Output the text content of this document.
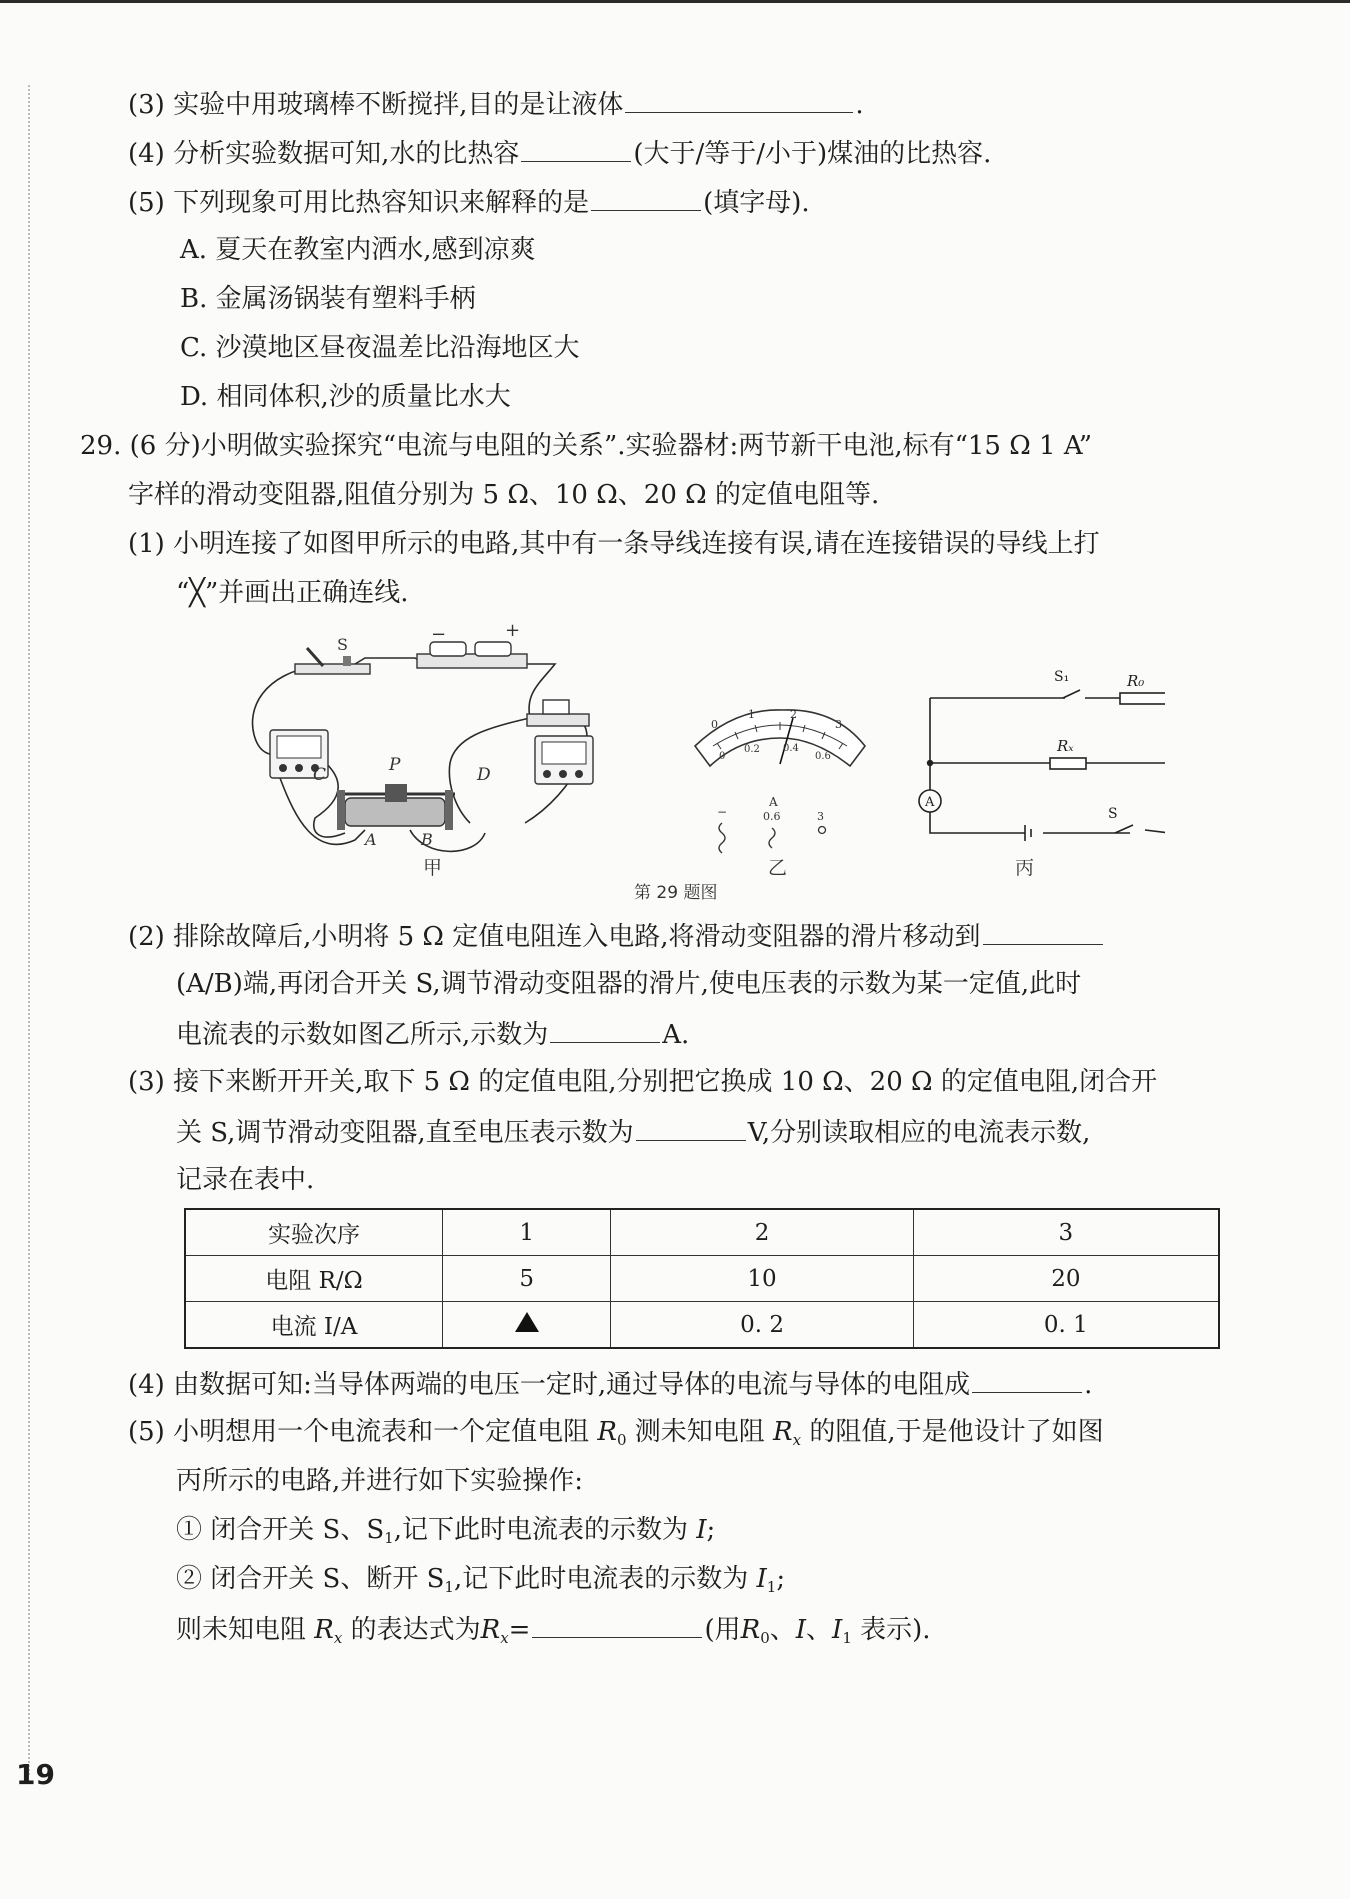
(3) 实验中用玻璃棒不断搅拌,目的是让液体	.
(4) 分析实验数据可知,水的比热容	(大于/等于/小于)煤油的比热容.
(5) 下列现象可用比热容知识来解释的是	(填字母).
A. 夏天在教室内洒水,感到凉爽
B. 金属汤锅装有塑料手柄
C. 沙漠地区昼夜温差比沿海地区大
D. 相同体积,沙的质量比水大
29. (6 分)小明做实验探究“电流与电阻的关系”.实验器材:两节新干电池,标有“15 Ω 1 A”
字样的滑动变阻器,阻值分别为 5 Ω、10 Ω、20 Ω 的定值电阻等.
(1) 小明连接了如图甲所示的电路,其中有一条导线连接有误,请在连接错误的导线上打
“╳”并画出正确连线.
S	−	+
C	P	D
A	B
0
1	2
3
0
0.2 0.4
0.6
A
−	0.6	3
S₁	R₀
Rₓ
A
S
甲	乙	丙
第 29 题图
(2) 排除故障后,小明将 5 Ω 定值电阻连入电路,将滑动变阻器的滑片移动到
(A/B)端,再闭合开关 S,调节滑动变阻器的滑片,使电压表的示数为某一定值,此时
电流表的示数如图乙所示,示数为	A.
(3) 接下来断开开关,取下 5 Ω 的定值电阻,分别把它换成 10 Ω、20 Ω 的定值电阻,闭合开
关 S,调节滑动变阻器,直至电压表示数为	V,分别读取相应的电流表示数,
记录在表中.
实验次序	1	2	3
电阻 R/Ω	5	10	20
电流 I/A		0. 2	0. 1
(4) 由数据可知:当导体两端的电压一定时,通过导体的电流与导体的电阻成	.
(5) 小明想用一个电流表和一个定值电阻 $R_0$ 测未知电阻 $R_x$ 的阻值,于是他设计了如图
丙所示的电路,并进行如下实验操作:
① 闭合开关 S、$S_1$,记下此时电流表的示数为 I;
② 闭合开关 S、断开 $S_1$,记下此时电流表的示数为 $I_1$;
则未知电阻 $R_x$ 的表达式为$R_x=$	(用$R_0$、I、$I_1$ 表示).
19
